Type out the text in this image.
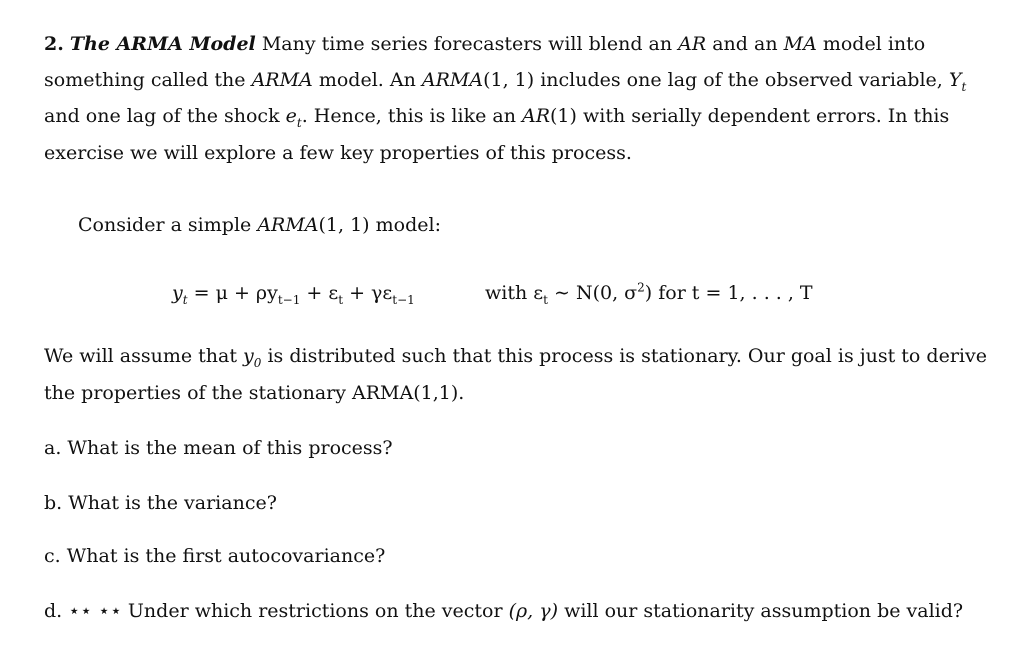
2. The ARMA Model Many time series forecasters will blend an AR and an MA model into
something called the ARMA model. An ARMA(1, 1) includes one lag of the observed variable, $Y_t$
and one lag of the shock $e_t$. Hence, this is like an AR(1) with serially dependent errors. In this
exercise we will explore a few key properties of this process.
Consider a simple ARMA(1, 1) model:
$y_t = \mu + \rho y_{t-1} + \varepsilon_t + \gamma\varepsilon_{t-1}$	with $\varepsilon_t$ ∼ N(0, $\sigma^2$) for t = 1, . . . , T
We will assume that $y_0$ is distributed such that this process is stationary. Our goal is just to derive
the properties of the stationary ARMA(1,1).
a. What is the mean of this process?
b. What is the variance?
c. What is the first autocovariance?
d. ⋆⋆ ⋆⋆ Under which restrictions on the vector (ρ, γ) will our stationarity assumption be valid?
